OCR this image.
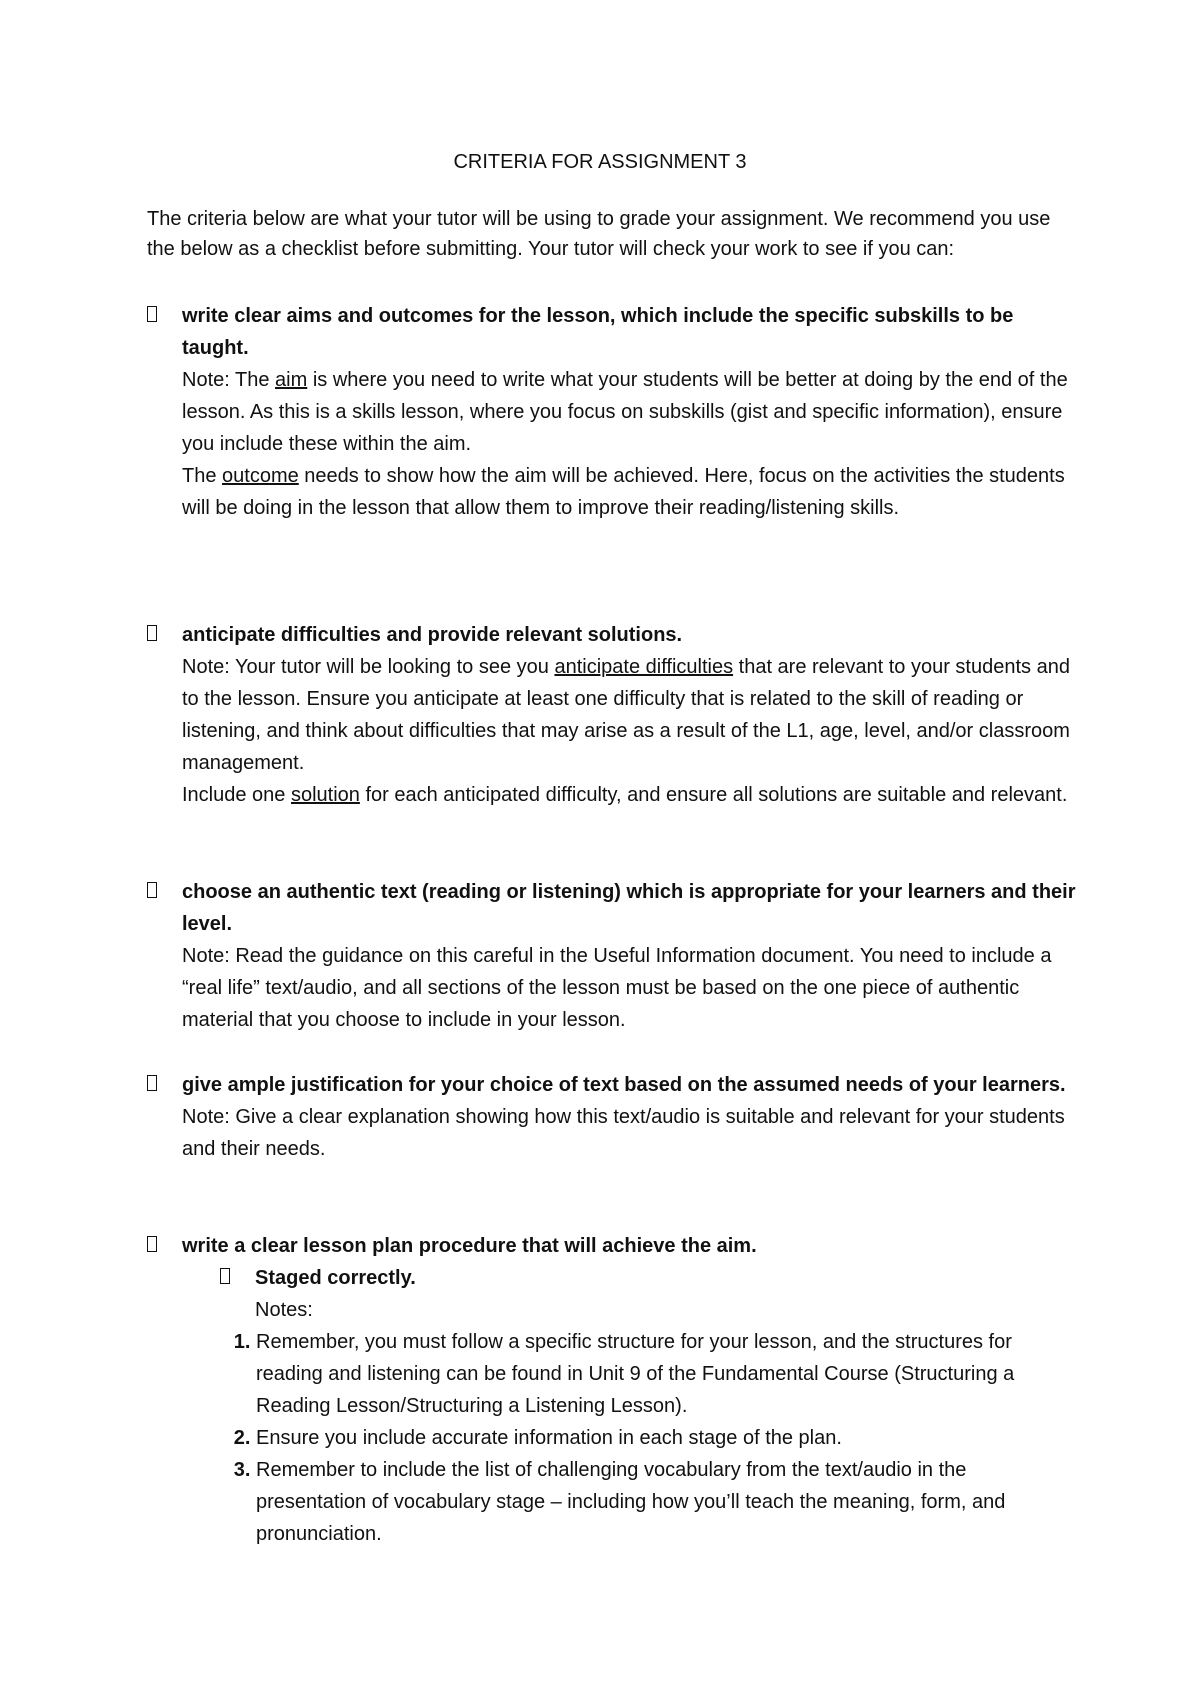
CRITERIA FOR ASSIGNMENT 3

The criteria below are what your tutor will be using to grade your assignment. We recommend you use the below as a checklist before submitting. Your tutor will check your work to see if you can:

write clear aims and outcomes for the lesson, which include the specific subskills to be taught.

Note: The aim is where you need to write what your students will be better at doing by the end of the lesson. As this is a skills lesson, where you focus on subskills (gist and specific information), ensure you include these within the aim.

The outcome needs to show how the aim will be achieved. Here, focus on the activities the students will be doing in the lesson that allow them to improve their reading/listening skills.

anticipate difficulties and provide relevant solutions.

Note: Your tutor will be looking to see you anticipate difficulties that are relevant to your students and to the lesson. Ensure you anticipate at least one difficulty that is related to the skill of reading or listening, and think about difficulties that may arise as a result of the L1, age, level, and/or classroom management.

Include one solution for each anticipated difficulty, and ensure all solutions are suitable and relevant.

choose an authentic text (reading or listening) which is appropriate for your learners and their level.

Note: Read the guidance on this careful in the Useful Information document. You need to include a “real life” text/audio, and all sections of the lesson must be based on the one piece of authentic material that you choose to include in your lesson.

give ample justification for your choice of text based on the assumed needs of your learners.

Note: Give a clear explanation showing how this text/audio is suitable and relevant for your students and their needs.

write a clear lesson plan procedure that will achieve the aim.

Staged correctly.

Notes:

1. Remember, you must follow a specific structure for your lesson, and the structures for reading and listening can be found in Unit 9 of the Fundamental Course (Structuring a Reading Lesson/Structuring a Listening Lesson).
2. Ensure you include accurate information in each stage of the plan.
3. Remember to include the list of challenging vocabulary from the text/audio in the presentation of vocabulary stage – including how you’ll teach the meaning, form, and pronunciation.
